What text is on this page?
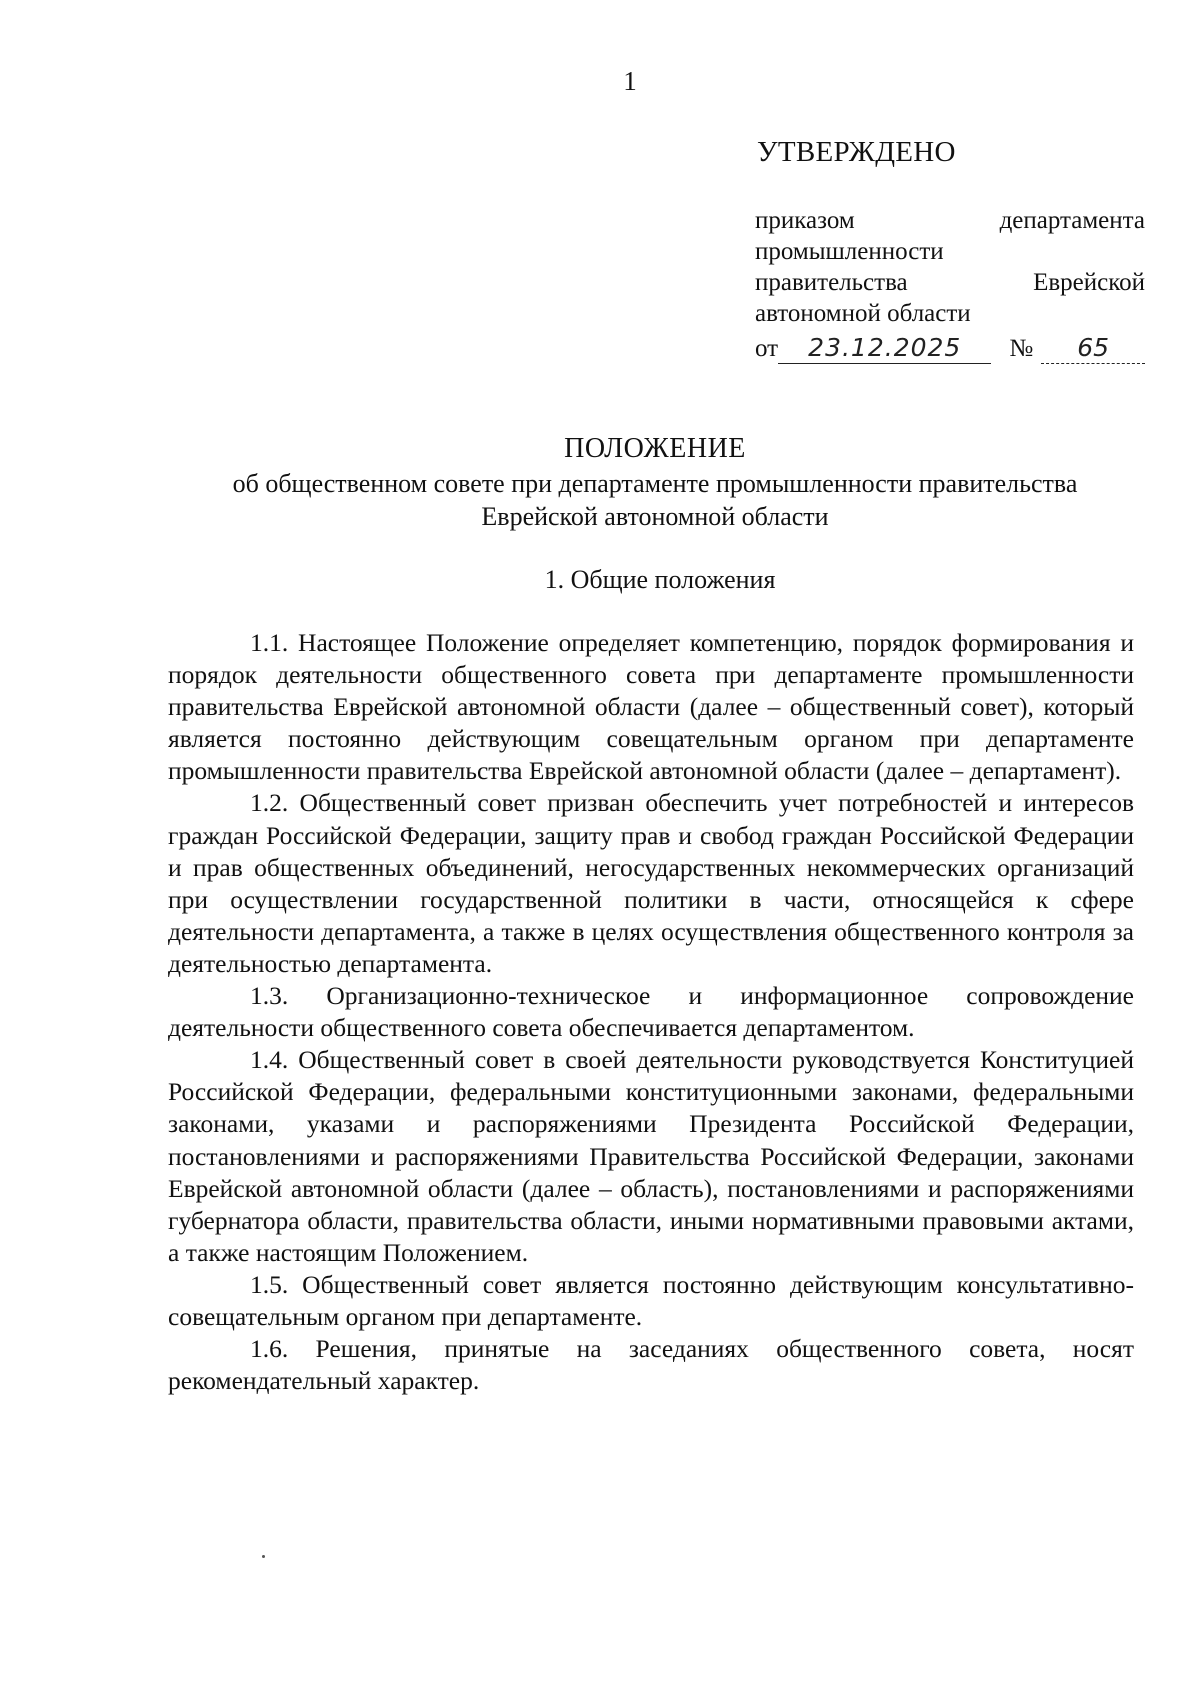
1
УТВЕРЖДЕНО
приказом	департамента
промышленности
правительства	Еврейской
автономной области
от	23.12.2025	№	65
ПОЛОЖЕНИЕ
об общественном совете при департаменте промышленности правительства Еврейской автономной области
1. Общие положения

1.1. Настоящее Положение определяет компетенцию, порядок формирования и порядок деятельности общественного совета при департаменте промышленности правительства Еврейской автономной области (далее – общественный совет), который является постоянно действующим совещательным органом при департаменте промышленности правительства Еврейской автономной области (далее – департамент).

1.2. Общественный совет призван обеспечить учет потребностей и интересов граждан Российской Федерации, защиту прав и свобод граждан Российской Федерации и прав общественных объединений, негосударственных некоммерческих организаций при осуществлении государственной политики в части, относящейся к сфере деятельности департамента, а также в целях осуществления общественного контроля за деятельностью департамента.

1.3. Организационно-техническое и информационное сопровождение деятельности общественного совета обеспечивается департаментом.

1.4. Общественный совет в своей деятельности руководствуется Конституцией Российской Федерации, федеральными конституционными законами, федеральными законами, указами и распоряжениями Президента Российской Федерации, постановлениями и распоряжениями Правительства Российской Федерации, законами Еврейской автономной области (далее – область), постановлениями и распоряжениями губернатора области, правительства области, иными нормативными правовыми актами, а также настоящим Положением.

1.5. Общественный совет является постоянно действующим консультативно-совещательным органом при департаменте.

1.6. Решения, принятые на заседаниях общественного совета, носят рекомендательный характер.
